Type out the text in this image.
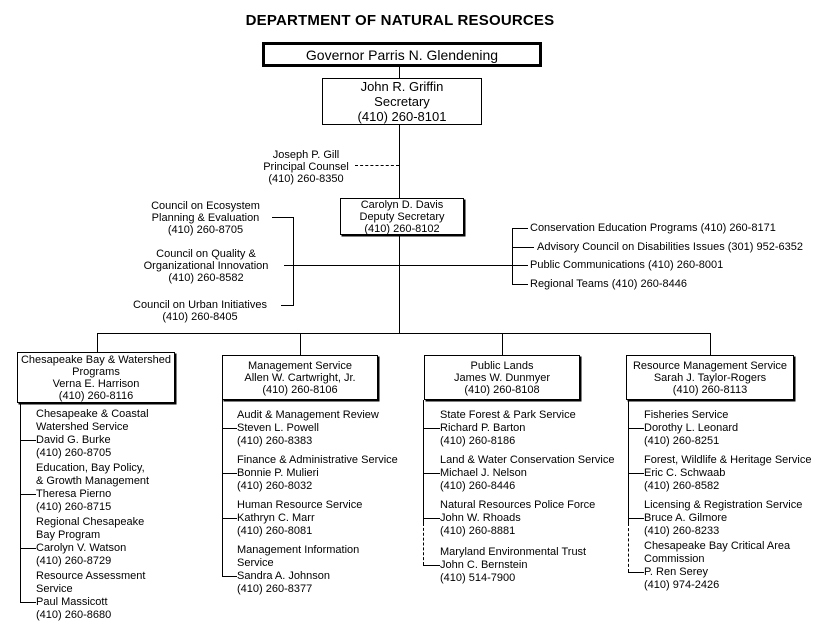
DEPARTMENT OF NATURAL RESOURCES
Governor Parris N. Glendening
John R. Griffin
Secretary
(410) 260-8101
Joseph P. Gill
Principal Counsel
(410) 260-8350
Carolyn D. Davis
Deputy Secretary
(410) 260-8102
Council on Ecosystem
Planning & Evaluation
(410) 260-8705
Council on Quality &
Organizational Innovation
(410) 260-8582
Council on Urban Initiatives
(410) 260-8405
Conservation Education Programs (410) 260-8171
Advisory Council on Disabilities Issues (301) 952-6352
Public Communications (410) 260-8001
Regional Teams (410) 260-8446
Chesapeake Bay & Watershed
Programs
Verna E. Harrison
(410) 260-8116
Management Service
Allen W. Cartwright, Jr.
(410) 260-8106
Public Lands
James W. Dunmyer
(410) 260-8108
Resource Management Service
Sarah J. Taylor-Rogers
(410) 260-8113
Chesapeake & Coastal
Watershed Service
David G. Burke
(410) 260-8705
Education, Bay Policy,
& Growth Management
Theresa Pierno
(410) 260-8715
Regional Chesapeake
Bay Program
Carolyn V. Watson
(410) 260-8729
Resource Assessment
Service
Paul Massicott
(410) 260-8680
Audit & Management Review
Steven L. Powell
(410) 260-8383
Finance & Administrative Service
Bonnie P. Mulieri
(410) 260-8032
Human Resource Service
Kathryn C. Marr
(410) 260-8081
Management Information
Service
Sandra A. Johnson
(410) 260-8377
State Forest & Park Service
Richard P. Barton
(410) 260-8186
Land & Water Conservation Service
Michael J. Nelson
(410) 260-8446
Natural Resources Police Force
John W. Rhoads
(410) 260-8881
Maryland Environmental Trust
John C. Bernstein
(410) 514-7900
Fisheries Service
Dorothy L. Leonard
(410) 260-8251
Forest, Wildlife & Heritage Service
Eric C. Schwaab
(410) 260-8582
Licensing & Registration Service
Bruce A. Gilmore
(410) 260-8233
Chesapeake Bay Critical Area
Commission
P. Ren Serey
(410) 974-2426
